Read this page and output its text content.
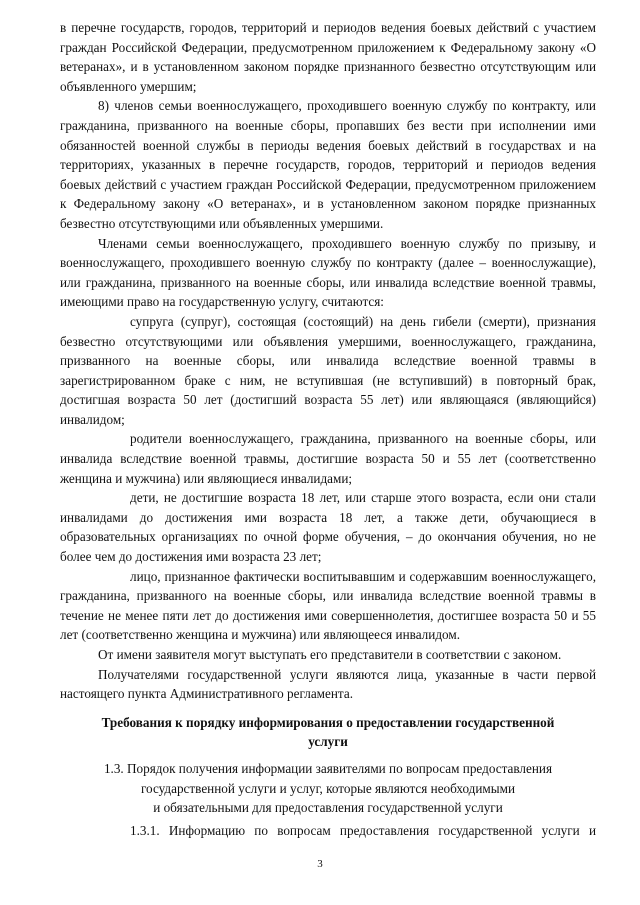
в перечне государств, городов, территорий и периодов ведения боевых действий с участием граждан Российской Федерации, предусмотренном приложением к Федеральному закону «О ветеранах», и в установленном законом порядке признанного безвестно отсутствующим или объявленного умершим;

8) членов семьи военнослужащего, проходившего военную службу по контракту, или гражданина, призванного на военные сборы, пропавших без вести при исполнении ими обязанностей военной службы в периоды ведения боевых действий в государствах и на территориях, указанных в перечне государств, городов, территорий и периодов ведения боевых действий с участием граждан Российской Федерации, предусмотренном приложением к Федеральному закону «О ветеранах», и в установленном законом порядке признанных безвестно отсутствующими или объявленных умершими.

Членами семьи военнослужащего, проходившего военную службу по призыву, и военнослужащего, проходившего военную службу по контракту (далее – военнослужащие), или гражданина, призванного на военные сборы, или инвалида вследствие военной травмы, имеющими право на государственную услугу, считаются:

супруга (супруг), состоящая (состоящий) на день гибели (смерти), признания безвестно отсутствующими или объявления умершими, военнослужащего, гражданина, призванного на военные сборы, или инвалида вследствие военной травмы в зарегистрированном браке с ним, не вступившая (не вступивший) в повторный брак, достигшая возраста 50 лет (достигший возраста 55 лет) или являющаяся (являющийся) инвалидом;

родители военнослужащего, гражданина, призванного на военные сборы, или инвалида вследствие военной травмы, достигшие возраста 50 и 55 лет (соответственно женщина и мужчина) или являющиеся инвалидами;

дети, не достигшие возраста 18 лет, или старше этого возраста, если они стали инвалидами до достижения ими возраста 18 лет, а также дети, обучающиеся в образовательных организациях по очной форме обучения, – до окончания обучения, но не более чем до достижения ими возраста 23 лет;

лицо, признанное фактически воспитывавшим и содержавшим военнослужащего, гражданина, призванного на военные сборы, или инвалида вследствие военной травмы в течение не менее пяти лет до достижения ими совершеннолетия, достигшее возраста 50 и 55 лет (соответственно женщина и мужчина) или являющееся инвалидом.

От имени заявителя могут выступать его представители в соответствии с законом.

Получателями государственной услуги являются лица, указанные в части первой настоящего пункта Административного регламента.

Требования к порядку информирования о предоставлении государственной
услуги
1.3. Порядок получения информации заявителями по вопросам предоставления
государственной услуги и услуг, которые являются необходимыми
и обязательными для предоставления государственной услуги

1.3.1. Информацию по вопросам предоставления государственной услуги и

3
